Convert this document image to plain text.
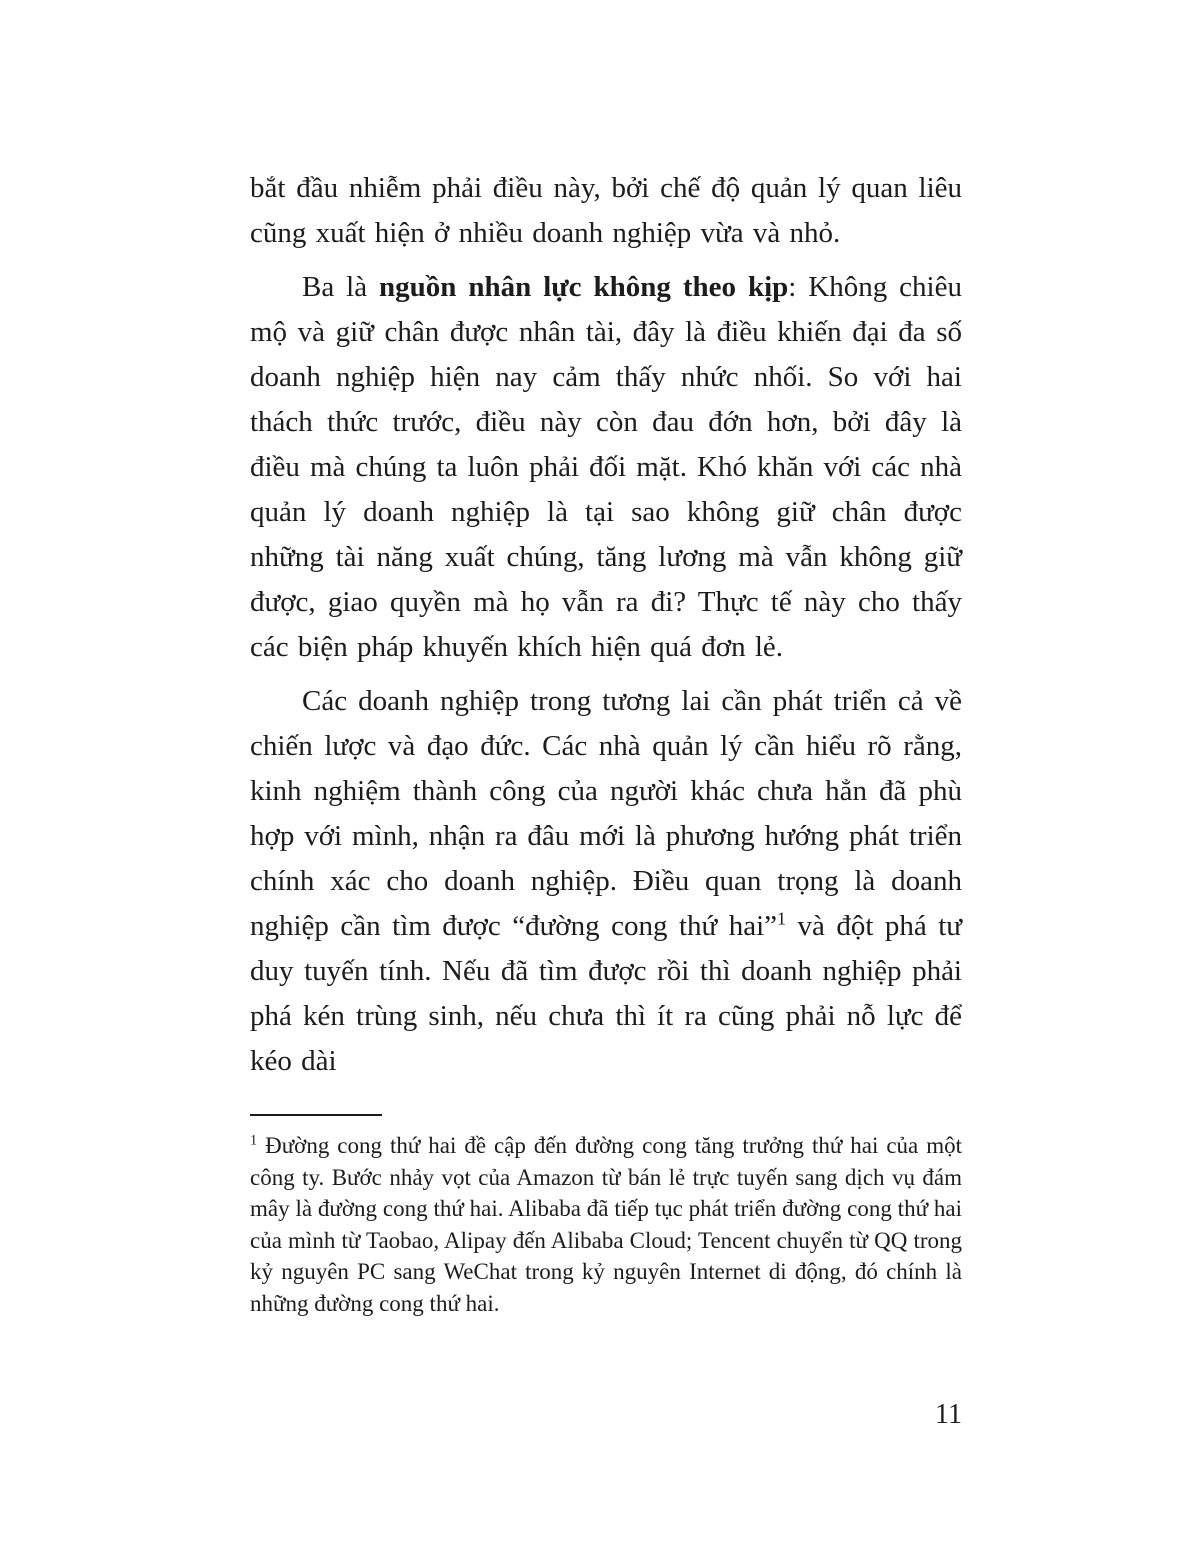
bắt đầu nhiễm phải điều này, bởi chế độ quản lý quan liêu cũng xuất hiện ở nhiều doanh nghiệp vừa và nhỏ.

Ba là nguồn nhân lực không theo kịp: Không chiêu mộ và giữ chân được nhân tài, đây là điều khiến đại đa số doanh nghiệp hiện nay cảm thấy nhức nhối. So với hai thách thức trước, điều này còn đau đớn hơn, bởi đây là điều mà chúng ta luôn phải đối mặt. Khó khăn với các nhà quản lý doanh nghiệp là tại sao không giữ chân được những tài năng xuất chúng, tăng lương mà vẫn không giữ được, giao quyền mà họ vẫn ra đi? Thực tế này cho thấy các biện pháp khuyến khích hiện quá đơn lẻ.

Các doanh nghiệp trong tương lai cần phát triển cả về chiến lược và đạo đức. Các nhà quản lý cần hiểu rõ rằng, kinh nghiệm thành công của người khác chưa hẳn đã phù hợp với mình, nhận ra đâu mới là phương hướng phát triển chính xác cho doanh nghiệp. Điều quan trọng là doanh nghiệp cần tìm được “đường cong thứ hai”$^1$ và đột phá tư duy tuyến tính. Nếu đã tìm được rồi thì doanh nghiệp phải phá kén trùng sinh, nếu chưa thì ít ra cũng phải nỗ lực để kéo dài

$^1$ Đường cong thứ hai đề cập đến đường cong tăng trưởng thứ hai của một công ty. Bước nhảy vọt của Amazon từ bán lẻ trực tuyến sang dịch vụ đám mây là đường cong thứ hai. Alibaba đã tiếp tục phát triển đường cong thứ hai của mình từ Taobao, Alipay đến Alibaba Cloud; Tencent chuyển từ QQ trong kỷ nguyên PC sang WeChat trong kỷ nguyên Internet di động, đó chính là những đường cong thứ hai.

11
